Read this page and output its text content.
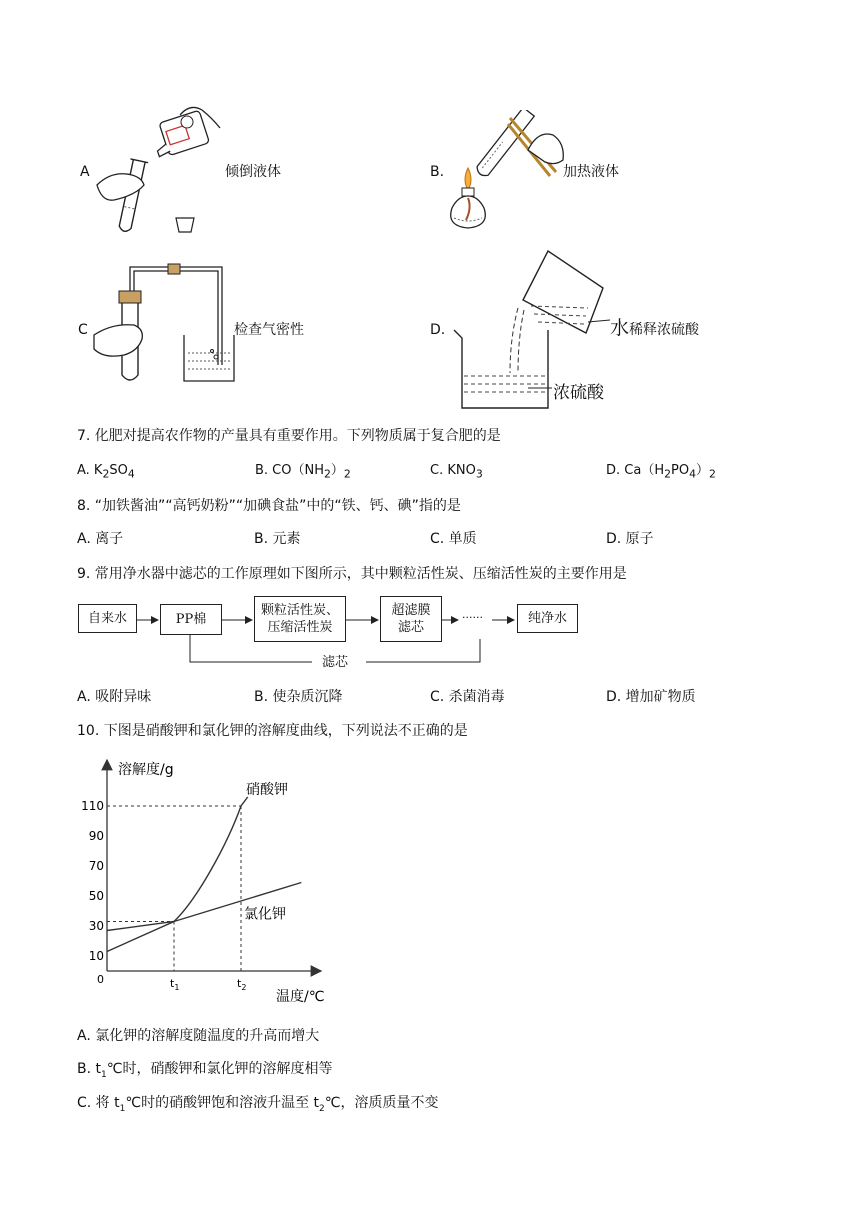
A	倾倒液体	B.	加热液体
C	检查气密性	D.	水 稀释浓硫酸
浓硫酸
7. 化肥对提高农作物的产量具有重要作用。下列物质属于复合肥的是
A. $K_2SO_4$	B. $CO(NH_2)_2$	C. $KNO_3$	D. $Ca(H_2PO_4)_2$
8. “加铁酱油”“高钙奶粉”“加碘食盐”中的“铁、钙、碘”指的是
A. 离子	B. 元素	C. 单质	D. 原子
9. 常用净水器中滤芯的工作原理如下图所示，其中颗粒活性炭、压缩活性炭的主要作用是
自来水	PP棉
颗粒活性炭、
压缩活性炭
超滤膜
滤芯
······	纯净水
滤芯
A. 吸附异味	B. 使杂质沉降	C. 杀菌消毒	D. 增加矿物质
10. 下图是硝酸钾和氯化钾的溶解度曲线，下列说法不正确的是
溶解度/g
温度/℃
0	$t_1$	$t_2$
10
30
50
70
90
110
硝酸钾
氯化钾
A. 氯化钾的溶解度随温度的升高而增大
B. $t_1℃$时，硝酸钾和氯化钾的溶解度相等
C. 将 $t_1℃$时的硝酸钾饱和溶液升温至 $t_2℃$，溶质质量不变
